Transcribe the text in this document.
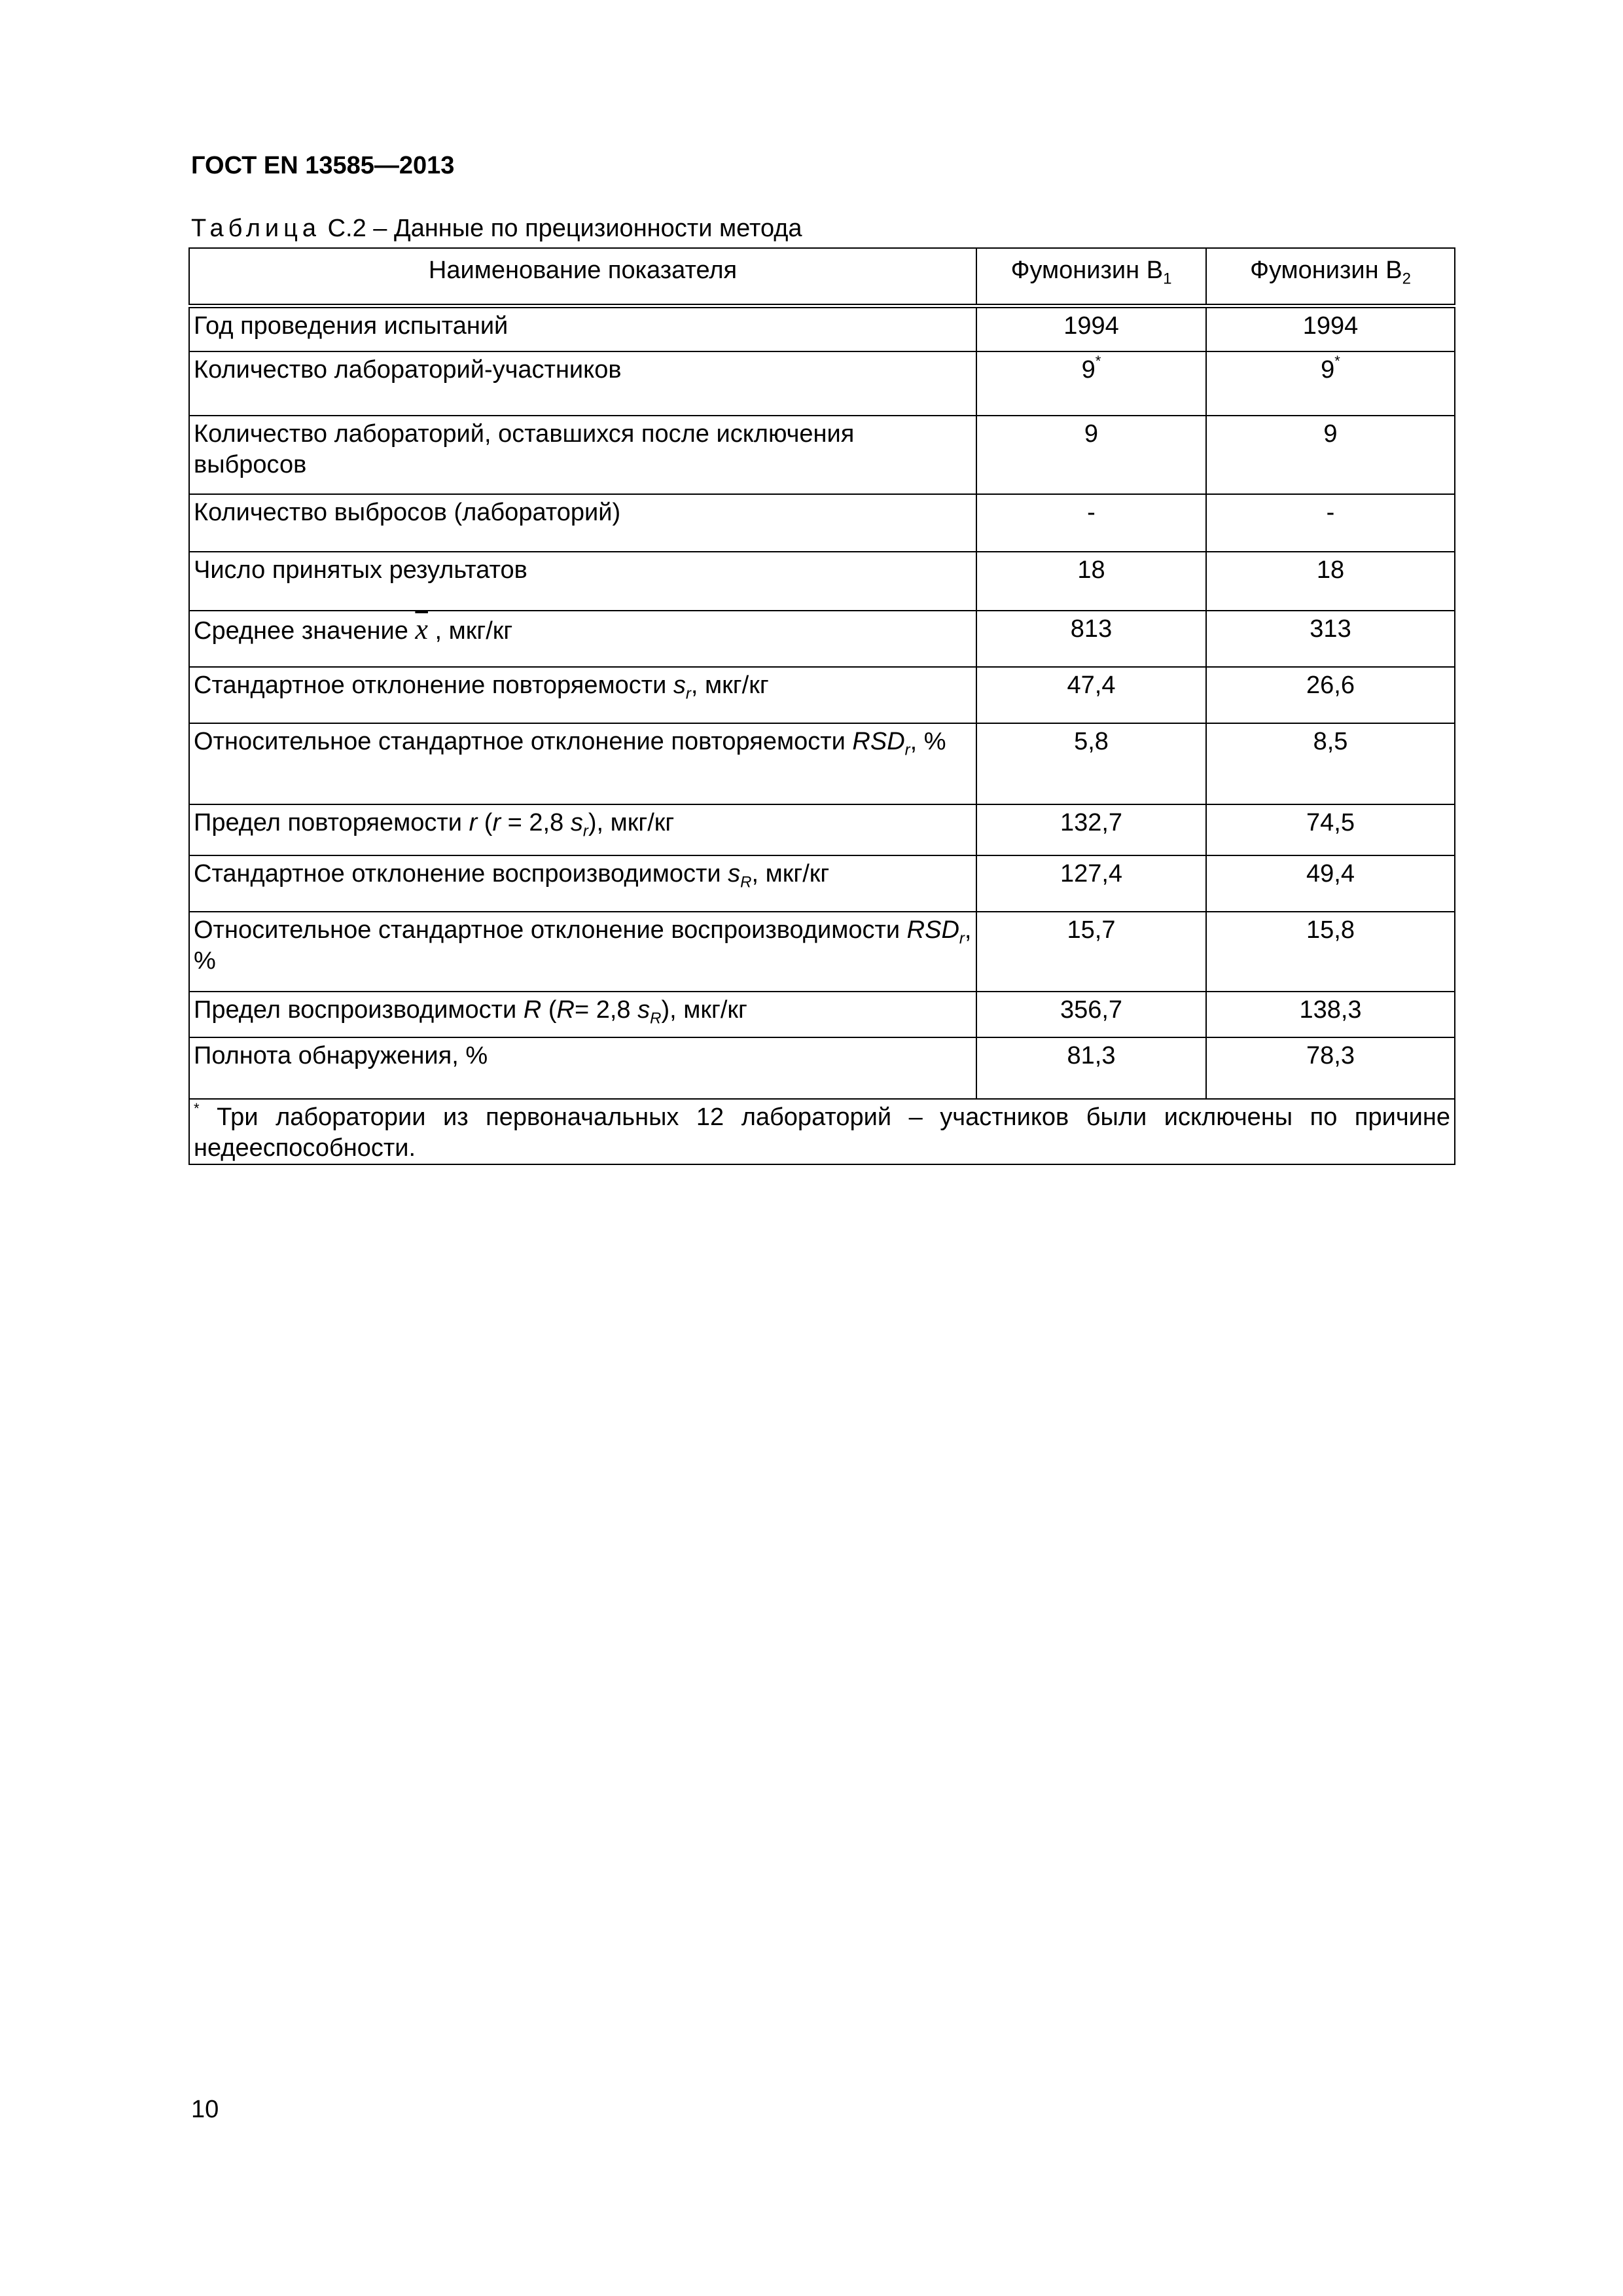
ГОСТ EN 13585—2013
Таблица С.2 – Данные по прецизионности метода
Наименование показателя	Фумонизин $B_1$	Фумонизин $B_2$
Год проведения испытаний	1994	1994
Количество лабораторий-участников	9*	9*
Количество лабораторий, оставшихся после исключения выбросов	9	9
Количество выбросов (лабораторий)	-	-
Число принятых результатов	18	18
Среднее значение $\overline{x}$ , мкг/кг	813	313
Стандартное отклонение повторяемости $s_r$, мкг/кг	47,4	26,6
Относительное стандартное отклонение повторяемости $RSD_r$, %	5,8	8,5
Предел повторяемости r (r = 2,8 $s_r$), мкг/кг	132,7	74,5
Стандартное отклонение воспроизводимости $s_R$, мкг/кг	127,4	49,4
Относительное стандартное отклонение воспроизводимости $RSD_r$, %	15,7	15,8
Предел воспроизводимости R (R= 2,8 $s_R$), мкг/кг	356,7	138,3
Полнота обнаружения, %	81,3	78,3
* Три лаборатории из первоначальных 12 лабораторий – участников были исключены по причине недееспособности.		
10
